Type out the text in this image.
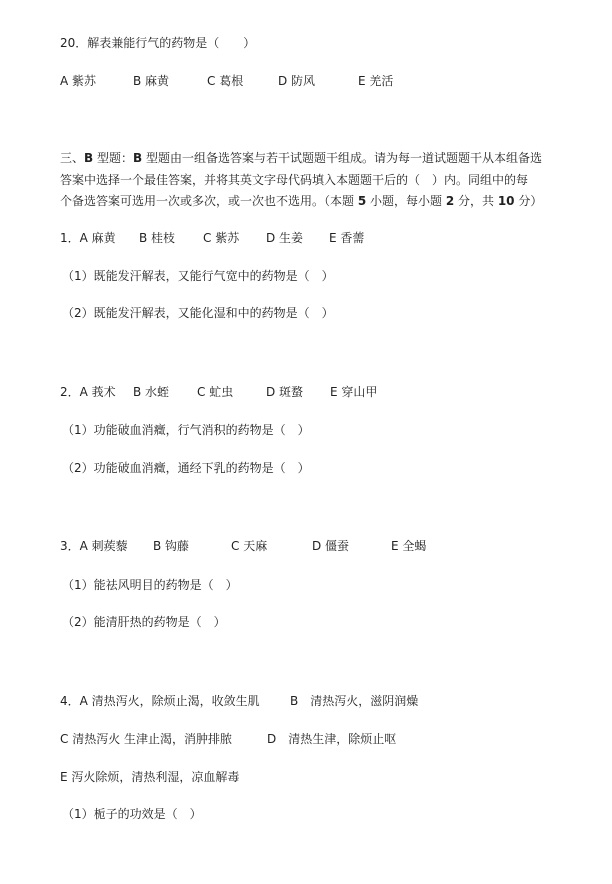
20．解表兼能行气的药物是（　　）

A 紫苏

	B 麻黄

	C 葛根

	D 防风

	E 羌活

三、B 型题：B 型题由一组备选答案与若干试题题干组成。请为每一道试题题干从本组备选
答案中选择一个最佳答案，并将其英文字母代码填入本题题干后的（　）内。同组中的每
个备选答案可选用一次或多次，或一次也不选用。（本题 5 小题，每小题 2 分，共 10 分）

1．A 麻黄

B 桂枝

C 紫苏

D 生姜

E 香薷

（1）既能发汗解表，又能行气宽中的药物是（　）
（2）既能发汗解表，又能化湿和中的药物是（　）

2．A 莪术

B 水蛭

C 虻虫

	D 斑蝥

E 穿山甲

（1）功能破血消癥，行气消积的药物是（　）
（2）功能破血消癥，通经下乳的药物是（　）

3．A 刺蒺藜

B 钩藤

	C 天麻

	D 僵蚕

	E 全蝎

（1）能祛风明目的药物是（　）
（2）能清肝热的药物是（　）

4．A 清热泻火，除烦止渴，收敛生肌

	B　清热泻火，滋阴润燥

C 清热泻火 生津止渴，消肿排脓

	D　清热生津，除烦止呕

E 泻火除烦，清热利湿，凉血解毒
（1）栀子的功效是（　）
